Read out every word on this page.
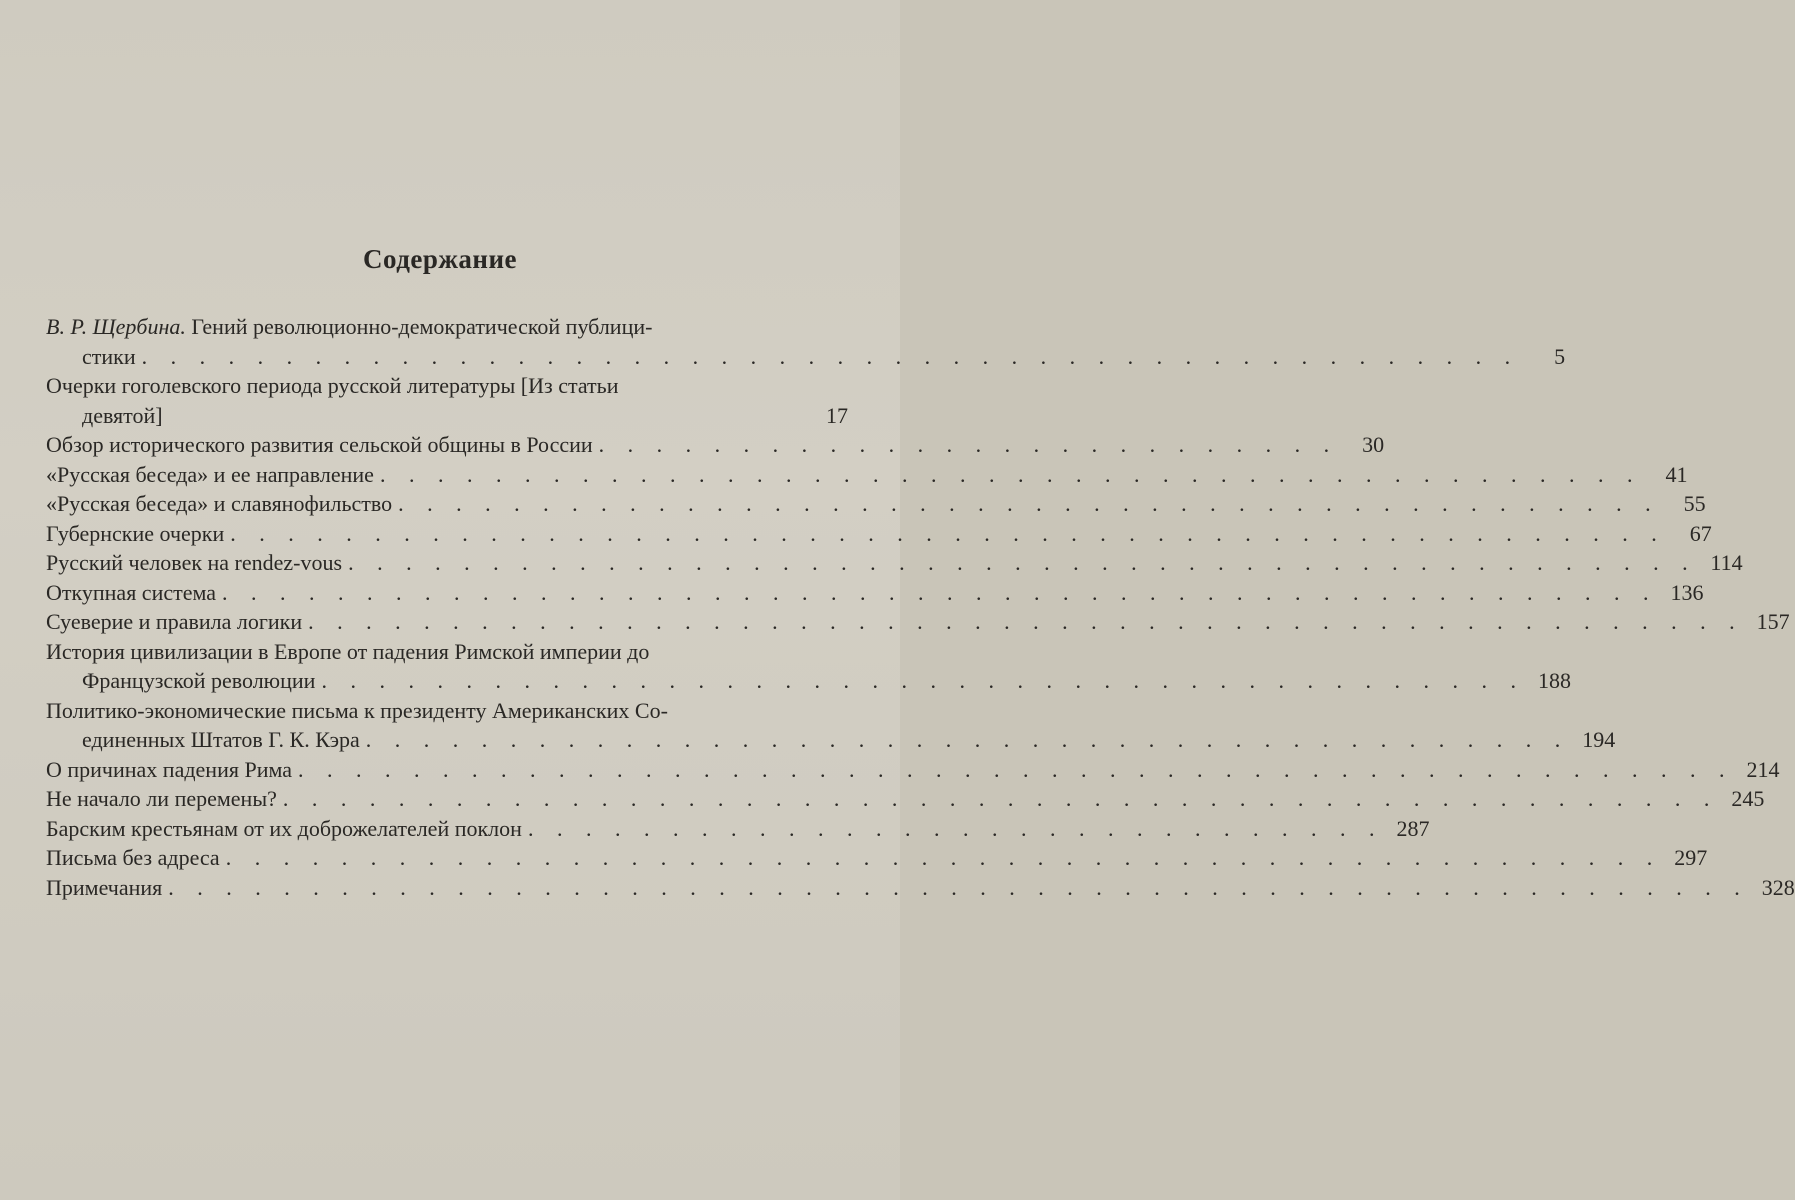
Содержание
В. Р. Щербина. Гений революционно-демократической публици-
стики . . . . . . . . . . . . . . . . . . . . . . . . . . . . . . . . . . . . . . . . . . . . . . . .	5
Очерки гоголевского периода русской литературы [Из статьи
девятой]	17
Обзор исторического развития сельской общины в России . . . . . . . . . . . . . . . . . . . . . . . . . .	30
«Русская беседа» и ее направление . . . . . . . . . . . . . . . . . . . . . . . . . . . . . . . . . . . . . . . . . . . .	41
«Русская беседа» и славянофильство . . . . . . . . . . . . . . . . . . . . . . . . . . . . . . . . . . . . . . . . . . . .	55
Губернские очерки . . . . . . . . . . . . . . . . . . . . . . . . . . . . . . . . . . . . . . . . . . . . . . . . . .	67
Русский человек на rendez-vous . . . . . . . . . . . . . . . . . . . . . . . . . . . . . . . . . . . . . . . . . . . . . . . 114
Откупная система . . . . . . . . . . . . . . . . . . . . . . . . . . . . . . . . . . . . . . . . . . . . . . . . . . 136
Суеверие и правила логики . . . . . . . . . . . . . . . . . . . . . . . . . . . . . . . . . . . . . . . . . . . . . . . . . . 157
История цивилизации в Европе от падения Римской империи до
Французской революции . . . . . . . . . . . . . . . . . . . . . . . . . . . . . . . . . . . . . . . . . . 188
Политико-экономические письма к президенту Американских Со-
единенных Штатов Г. К. Кэра . . . . . . . . . . . . . . . . . . . . . . . . . . . . . . . . . . . . . . . . . . 194
О причинах падения Рима . . . . . . . . . . . . . . . . . . . . . . . . . . . . . . . . . . . . . . . . . . . . . . . . . . 214
Не начало ли перемены? . . . . . . . . . . . . . . . . . . . . . . . . . . . . . . . . . . . . . . . . . . . . . . . . . . 245
Барским крестьянам от их доброжелателей поклон . . . . . . . . . . . . . . . . . . . . . . . . . . . . . . 287
Письма без адреса . . . . . . . . . . . . . . . . . . . . . . . . . . . . . . . . . . . . . . . . . . . . . . . . . . 297
Примечания . . . . . . . . . . . . . . . . . . . . . . . . . . . . . . . . . . . . . . . . . . . . . . . . . . . . . . . 328
